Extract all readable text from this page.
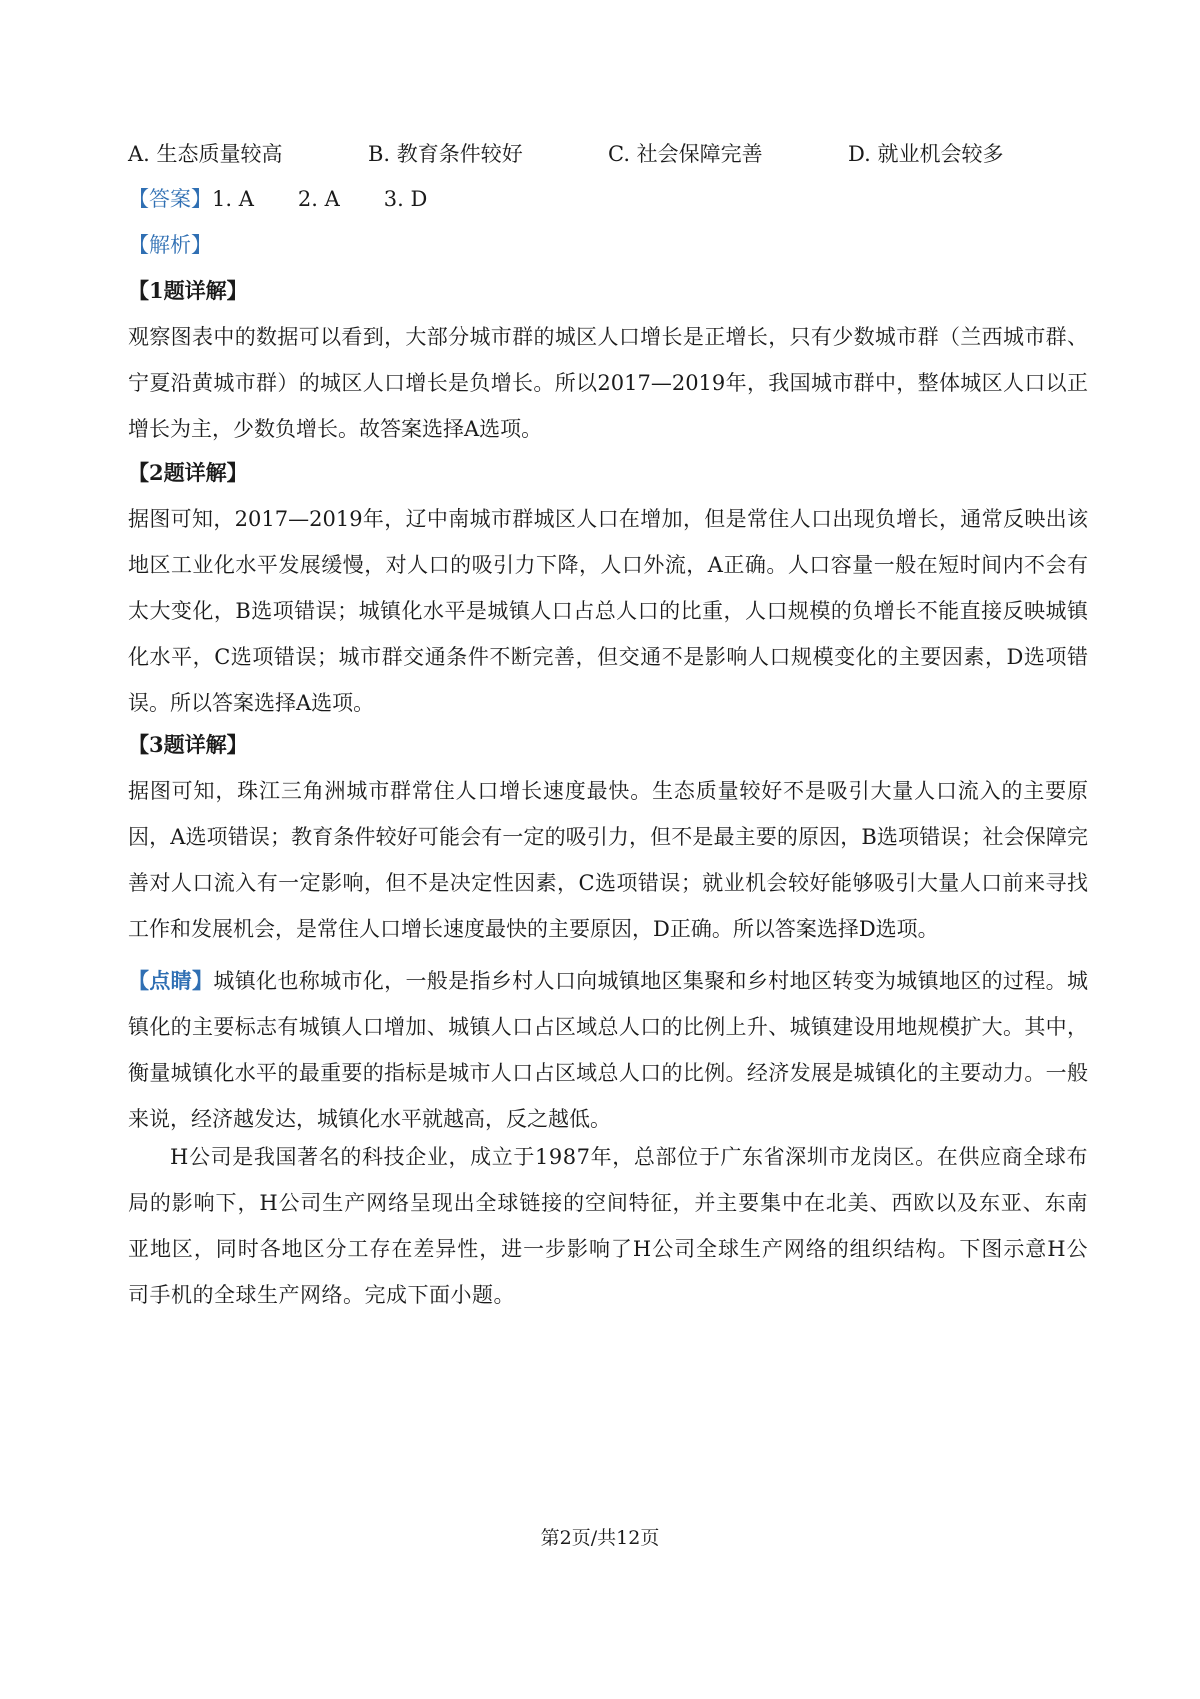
A. 生态质量较高	B. 教育条件较好	C. 社会保障完善	D. 就业机会较多
【答案】1. A 2. A 3. D
【解析】
【1题详解】
观察图表中的数据可以看到，大部分城市群的城区人口增长是正增长，只有少数城市群（兰西城市群、宁夏沿黄城市群）的城区人口增长是负增长。所以2017—2019年，我国城市群中，整体城区人口以正增长为主，少数负增长。故答案选择A选项。
【2题详解】
据图可知，2017—2019年，辽中南城市群城区人口在增加，但是常住人口出现负增长，通常反映出该地区工业化水平发展缓慢，对人口的吸引力下降，人口外流，A正确。人口容量一般在短时间内不会有太大变化，B选项错误；城镇化水平是城镇人口占总人口的比重，人口规模的负增长不能直接反映城镇化水平，C选项错误；城市群交通条件不断完善，但交通不是影响人口规模变化的主要因素，D选项错误。所以答案选择A选项。
【3题详解】
据图可知，珠江三角洲城市群常住人口增长速度最快。生态质量较好不是吸引大量人口流入的主要原因，A选项错误；教育条件较好可能会有一定的吸引力，但不是最主要的原因，B选项错误；社会保障完善对人口流入有一定影响，但不是决定性因素，C选项错误；就业机会较好能够吸引大量人口前来寻找工作和发展机会，是常住人口增长速度最快的主要原因，D正确。所以答案选择D选项。
【点睛】城镇化也称城市化，一般是指乡村人口向城镇地区集聚和乡村地区转变为城镇地区的过程。城镇化的主要标志有城镇人口增加、城镇人口占区域总人口的比例上升、城镇建设用地规模扩大。其中，衡量城镇化水平的最重要的指标是城市人口占区域总人口的比例。经济发展是城镇化的主要动力。一般来说，经济越发达，城镇化水平就越高，反之越低。
H公司是我国著名的科技企业，成立于1987年，总部位于广东省深圳市龙岗区。在供应商全球布局的影响下，H公司生产网络呈现出全球链接的空间特征，并主要集中在北美、西欧以及东亚、东南亚地区，同时各地区分工存在差异性，进一步影响了H公司全球生产网络的组织结构。下图示意H公司手机的全球生产网络。完成下面小题。
第2页/共12页
